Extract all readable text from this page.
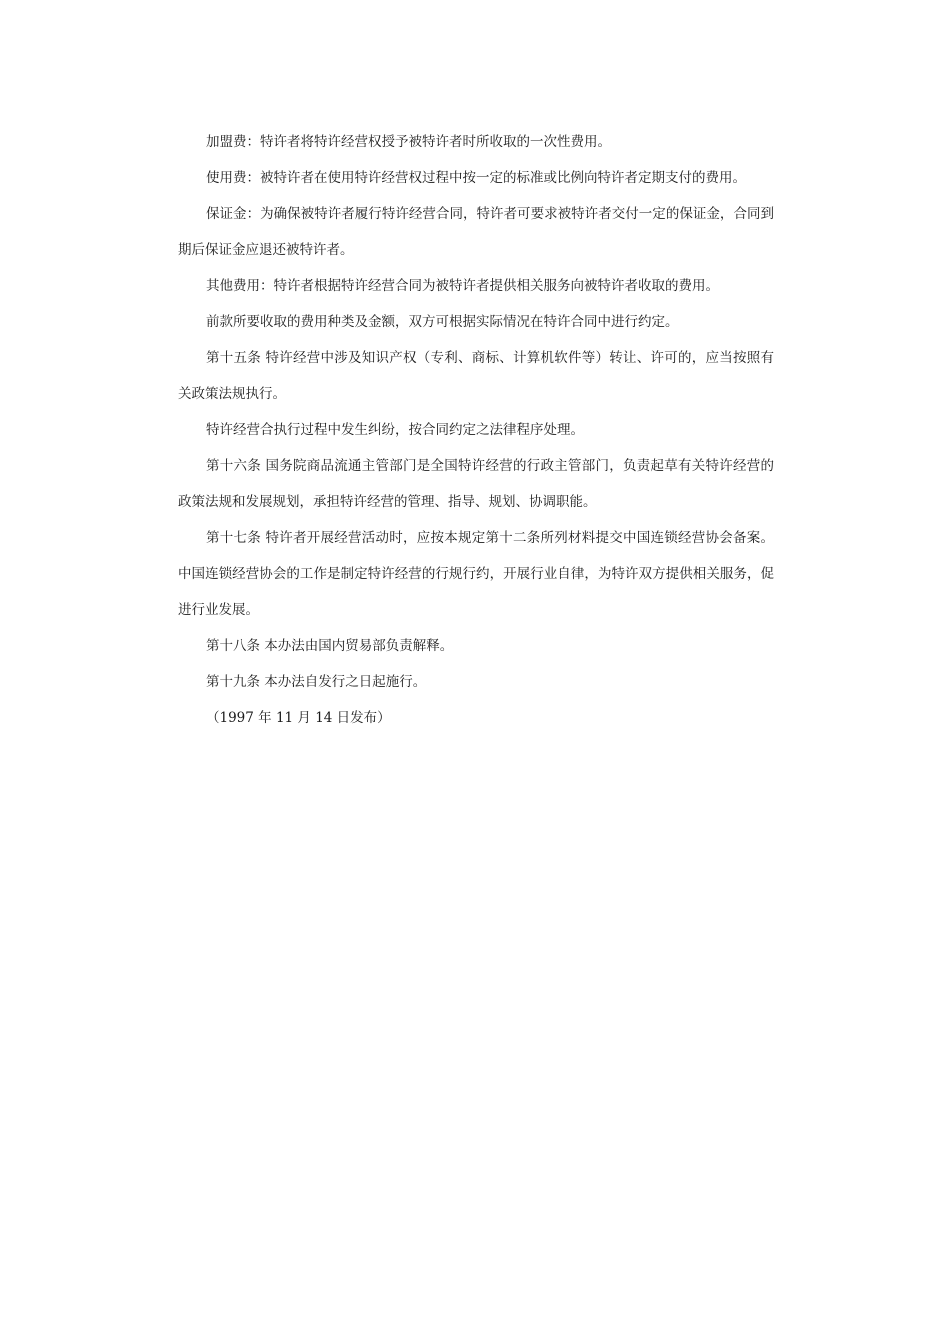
加盟费：特许者将特许经营权授予被特许者时所收取的一次性费用。

使用费：被特许者在使用特许经营权过程中按一定的标准或比例向特许者定期支付的费用。

保证金：为确保被特许者履行特许经营合同，特许者可要求被特许者交付一定的保证金，合同到期后保证金应退还被特许者。

其他费用：特许者根据特许经营合同为被特许者提供相关服务向被特许者收取的费用。

前款所要收取的费用种类及金额，双方可根据实际情况在特许合同中进行约定。

第十五条 特许经营中涉及知识产权（专利、商标、计算机软件等）转让、许可的，应当按照有关政策法规执行。

特许经营合执行过程中发生纠纷，按合同约定之法律程序处理。

第十六条 国务院商品流通主管部门是全国特许经营的行政主管部门，负责起草有关特许经营的政策法规和发展规划，承担特许经营的管理、指导、规划、协调职能。

第十七条 特许者开展经营活动时，应按本规定第十二条所列材料提交中国连锁经营协会备案。中国连锁经营协会的工作是制定特许经营的行规行约，开展行业自律，为特许双方提供相关服务，促进行业发展。

第十八条 本办法由国内贸易部负责解释。

第十九条 本办法自发行之日起施行。

（1997 年 11 月 14 日发布）
